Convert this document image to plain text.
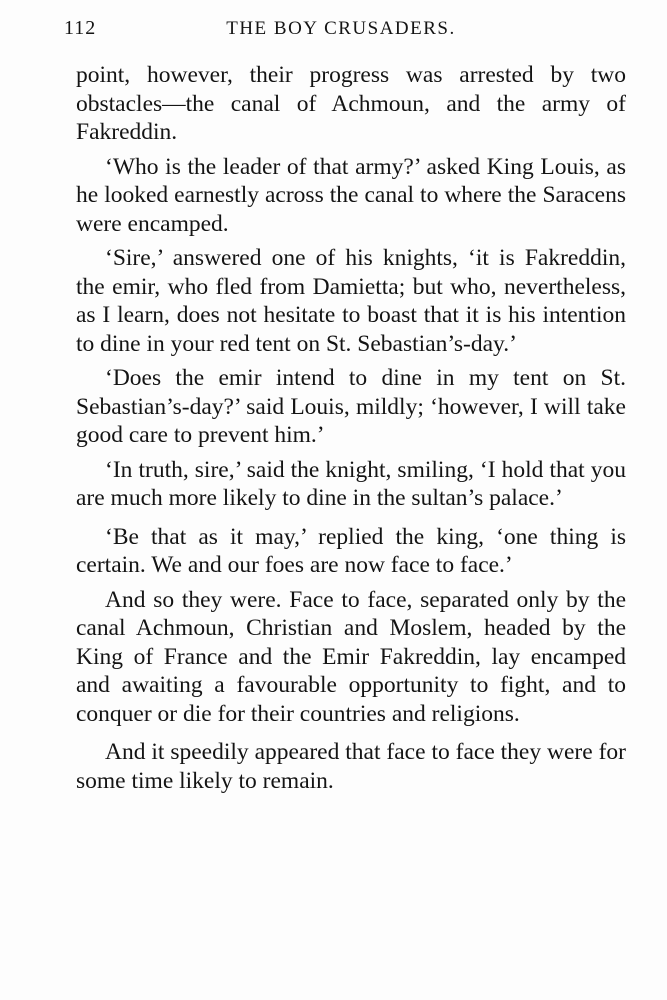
112	THE BOY CRUSADERS.

point, however, their progress was arrested by two obstacles—the canal of Achmoun, and the army of Fakreddin.

‘Who is the leader of that army?’ asked King Louis, as he looked earnestly across the canal to where the Saracens were encamped.

‘Sire,’ answered one of his knights, ‘it is Fakreddin, the emir, who fled from Damietta; but who, nevertheless, as I learn, does not hesitate to boast that it is his intention to dine in your red tent on St. Sebastian’s-day.’

‘Does the emir intend to dine in my tent on St. Sebastian’s-day?’ said Louis, mildly; ‘however, I will take good care to prevent him.’

‘In truth, sire,’ said the knight, smiling, ‘I hold that you are much more likely to dine in the sultan’s palace.’

‘Be that as it may,’ replied the king, ‘one thing is certain. We and our foes are now face to face.’

And so they were. Face to face, separated only by the canal Achmoun, Christian and Moslem, headed by the King of France and the Emir Fakreddin, lay encamped and awaiting a favourable opportunity to fight, and to conquer or die for their countries and religions.

And it speedily appeared that face to face they were for some time likely to remain.
